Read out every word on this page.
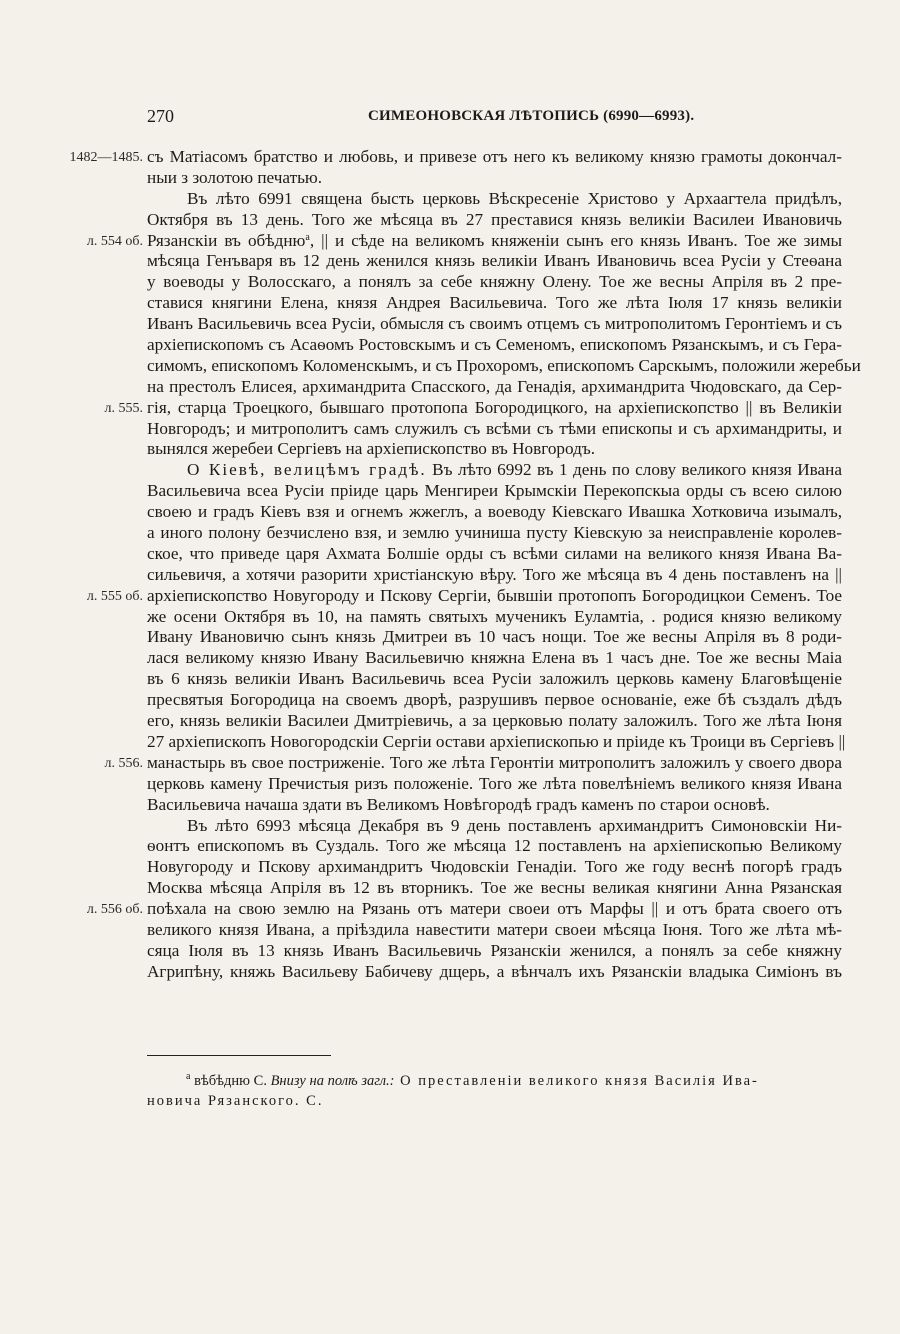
270	СИМЕОНОВСКАЯ ЛѢТОПИСЬ (6990—6993).
1482—1485. съ Матіасомъ братство и любовь, и привезе отъ него къ великому князю грамоты докончал-
ныи з золотою печатью.
Въ лѣто 6991 священа бысть церковь Вѣскресеніе Христово у Архаагтела придѣлъ,
Октября въ 13 день. Того же мѣсяца въ 27 преставися князь великіи Василеи Ивановичь
л. 554 об. Рязанскіи въ обѣдню$^а$, || и сѣде на великомъ княженіи сынъ его князь Иванъ. Тое же зимы
мѣсяца Генъваря въ 12 день женился князь великіи Иванъ Ивановичь всеа Русіи у Стеѳана
у воеводы у Волосскаго, а понялъ за себе княжну Олену. Тое же весны Апріля въ 2 пре-
ставися княгини Елена, князя Андрея Васильевича. Того же лѣта Іюля 17 князь великіи
Иванъ Васильевичь всеа Русіи, обмысля съ своимъ отцемъ съ митрополитомъ Геронтіемъ и съ
архіепископомъ съ Асаѳомъ Ростовскымъ и съ Семеномъ, епископомъ Рязанскымъ, и съ Гера-
симомъ, епископомъ Коломенскымъ, и съ Прохоромъ, епископомъ Сарскымъ, положили жеребьи
на престолъ Елисея, архимандрита Спасского, да Генадія, архимандрита Чюдовскаго, да Сер-
л. 555. гія, старца Троецкого, бывшаго протопопа Богородицкого, на архіепископство || въ Великіи
Новгородъ; и митрополитъ самъ служилъ съ всѣми съ тѣми епископы и съ архимандриты, и
вынялся жеребеи Сергіевъ на архіепископство въ Новгородъ.
О Кіевѣ, велицѣмъ градѣ. Въ лѣто 6992 въ 1 день по слову великого князя Ивана
Васильевича всеа Русіи пріиде царь Менгиреи Крымскіи Перекопскыа орды съ всею силою
своею и градъ Кіевъ взя и огнемъ жжеглъ, а воеводу Кіевскаго Ивашка Хотковича изымалъ,
а иного полону безчислено взя, и землю учиниша пусту Кіевскую за неисправленіе королев-
ское, что приведе царя Ахмата Болшіе орды съ всѣми силами на великого князя Ивана Ва-
сильевичя, а хотячи разорити христіанскую вѣру. Того же мѣсяца въ 4 день поставленъ на ||
л. 555 об. архіепископство Новугороду и Пскову Сергіи, бывшіи протопопъ Богородицкои Семенъ. Тое
же осени Октября въ 10, на память святыхъ мученикъ Еуламтіа, . родися князю великому
Ивану Ивановичю сынъ князь Дмитреи въ 10 часъ нощи. Тое же весны Апріля въ 8 роди-
лася великому князю Ивану Васильевичю княжна Елена въ 1 часъ дне. Тое же весны Маіа
въ 6 князь великіи Иванъ Васильевичь всеа Русіи заложилъ церковь камену Благовѣщеніе
пресвятыя Богородица на своемъ дворѣ, разрушивъ первое основаніе, еже бѣ създалъ дѣдъ
его, князь великіи Василеи Дмитріевичь, а за церковью полату заложилъ. Того же лѣта Іюня
27 архіепископъ Новогородскіи Сергіи остави архіепископью и пріиде къ Троици въ Сергіевъ ||
л. 556. манастырь въ свое постриженіе. Того же лѣта Геронтіи митрополитъ заложилъ у своего двора
церковь камену Пречистыя ризъ положеніе. Того же лѣта повелѣніемъ великого князя Ивана
Васильевича начаша здати въ Великомъ Новѣгородѣ градъ каменъ по старои основѣ.
Въ лѣто 6993 мѣсяца Декабря въ 9 день поставленъ архимандритъ Симоновскіи Ни-
ѳонтъ епископомъ въ Суздаль. Того же мѣсяца 12 поставленъ на архіепископью Великому
Новугороду и Пскову архимандритъ Чюдовскіи Генадіи. Того же году веснѣ погорѣ градъ
Москва мѣсяца Апріля въ 12 въ вторникъ. Тое же весны великая княгини Анна Рязанская
л. 556 об. поѣхала на свою землю на Рязань отъ матери своеи отъ Марфы || и отъ брата своего отъ
великого князя Ивана, а пріѣздила навестити матери своеи мѣсяца Іюня. Того же лѣта мѣ-
сяца Іюля въ 13 князь Иванъ Васильевичь Рязанскіи женился, а понялъ за себе княжну
Агрипѣну, княжь Васильеву Бабичеву дщерь, а вѣнчалъ ихъ Рязанскіи владыка Симіонъ въ
$^а$ вѣбѣдню С. Внизу на полѣ загл.: О преставленіи великого князя Василія Ива-
новича Рязанского. С.
